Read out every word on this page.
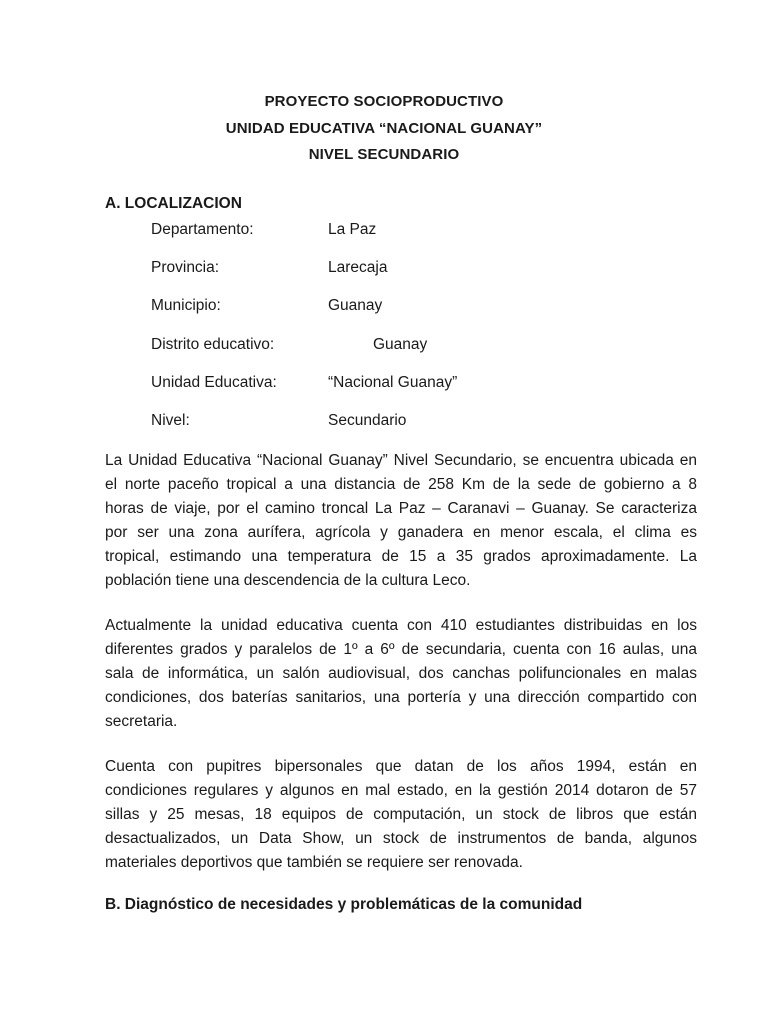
PROYECTO SOCIOPRODUCTIVO
UNIDAD EDUCATIVA “NACIONAL GUANAY”
NIVEL SECUNDARIO
A. LOCALIZACION
Departamento:	La Paz
Provincia:	Larecaja
Municipio:	Guanay
Distrito educativo:	Guanay
Unidad Educativa:	“Nacional Guanay”
Nivel:	Secundario
La Unidad Educativa “Nacional Guanay” Nivel Secundario, se encuentra ubicada en
el norte paceño tropical a una distancia de 258 Km de la sede de gobierno a 8
horas de viaje, por el camino troncal La Paz – Caranavi – Guanay. Se caracteriza
por ser una zona aurífera, agrícola y ganadera en menor escala, el clima es
tropical, estimando una temperatura de 15 a 35 grados aproximadamente. La
población tiene una descendencia de la cultura Leco.
Actualmente la unidad educativa cuenta con 410 estudiantes distribuidas en los
diferentes grados y paralelos de 1º a 6º de secundaria, cuenta con 16 aulas, una
sala de informática, un salón audiovisual, dos canchas polifuncionales en malas
condiciones, dos baterías sanitarios, una portería y una dirección compartido con
secretaria.
Cuenta con pupitres bipersonales que datan de los años 1994, están en
condiciones regulares y algunos en mal estado, en la gestión 2014 dotaron de 57
sillas y 25 mesas, 18 equipos de computación, un stock de libros que están
desactualizados, un Data Show, un stock de instrumentos de banda, algunos
materiales deportivos que también se requiere ser renovada.
B. Diagnóstico de necesidades y problemáticas de la comunidad
